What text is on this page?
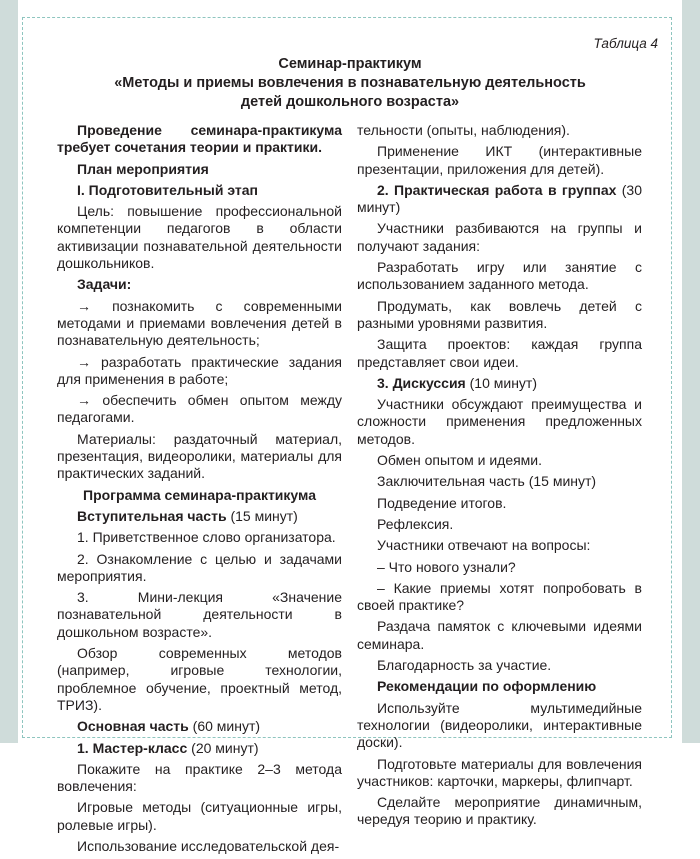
Таблица 4
Семинар-практикум
«Методы и приемы вовлечения в познавательную деятельность
детей дошкольного возраста»

Проведение семинара-практикума требует сочетания теории и практики.

План мероприятия

I. Подготовительный этап

Цель: повышение профессиональной компетенции педагогов в области активизации познавательной деятельности дошкольников.

Задачи:

→ познакомить с современными методами и приемами вовлечения детей в познавательную деятельность;

→ разработать практические задания для применения в работе;

→ обеспечить обмен опытом между педагогами.

Материалы: раздаточный материал, презентация, видеоролики, материалы для практических заданий.

Программа семинара-практикума

Вступительная часть (15 минут)

1. Приветственное слово организатора.

2. Ознакомление с целью и задачами мероприятия.

3. Мини-лекция «Значение познавательной деятельности в дошкольном возрасте».

Обзор современных методов (например, игровые технологии, проблемное обучение, проектный метод, ТРИЗ).

Основная часть (60 минут)

1. Мастер-класс (20 минут)

Покажите на практике 2–3 метода вовлечения:

Игровые методы (ситуационные игры, ролевые игры).

Использование исследовательской дея-

тельности (опыты, наблюдения).

Применение ИКТ (интерактивные презентации, приложения для детей).

2. Практическая работа в группах (30 минут)

Участники разбиваются на группы и получают задания:

Разработать игру или занятие с использованием заданного метода.

Продумать, как вовлечь детей с разными уровнями развития.

Защита проектов: каждая группа представляет свои идеи.

3. Дискуссия (10 минут)

Участники обсуждают преимущества и сложности применения предложенных методов.

Обмен опытом и идеями.

Заключительная часть (15 минут)

Подведение итогов.

Рефлексия.

Участники отвечают на вопросы:

– Что нового узнали?

– Какие приемы хотят попробовать в своей практике?

Раздача памяток с ключевыми идеями семинара.

Благодарность за участие.

Рекомендации по оформлению

Используйте мультимедийные технологии (видеоролики, интерактивные доски).

Подготовьте материалы для вовлечения участников: карточки, маркеры, флипчарт.

Сделайте мероприятие динамичным, чередуя теорию и практику.
